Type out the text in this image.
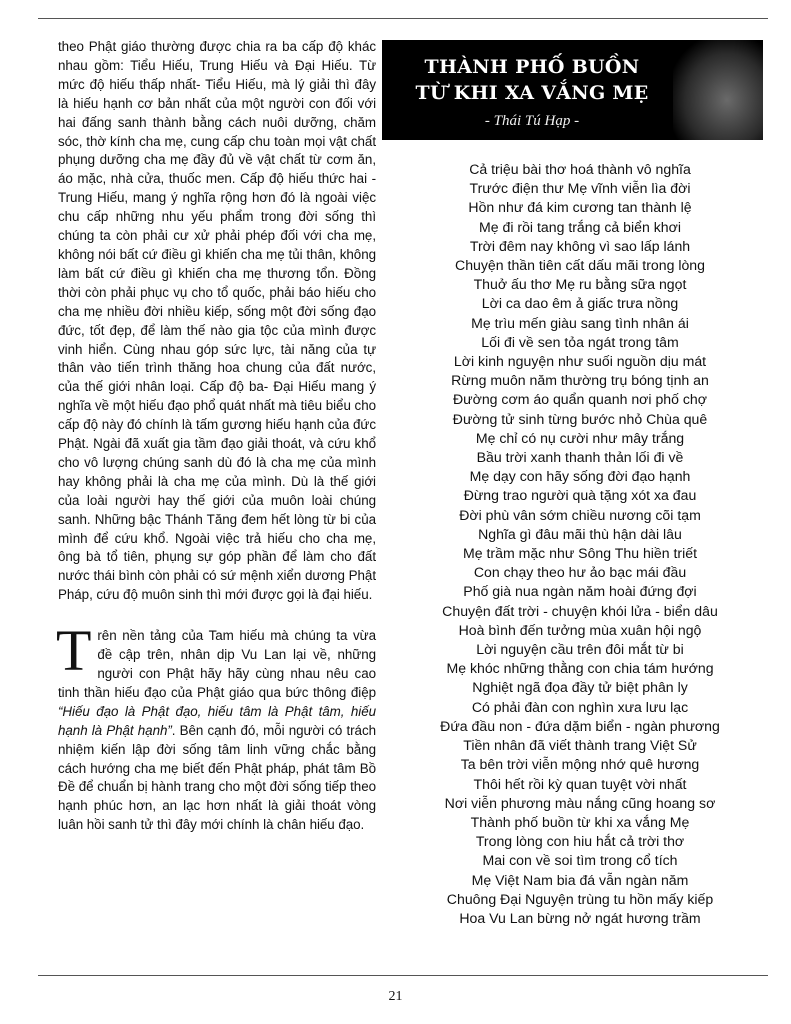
theo Phật giáo thường được chia ra ba cấp độ khác nhau gồm: Tiểu Hiếu, Trung Hiếu và Đại Hiếu. Từ mức độ hiếu thấp nhất- Tiểu Hiếu, mà lý giải thì đây là hiếu hạnh cơ bản nhất của một người con đối với hai đấng sanh thành bằng cách nuôi dưỡng, chăm sóc, thờ kính cha mẹ, cung cấp chu toàn mọi vật chất phụng dưỡng cha mẹ đầy đủ về vật chất từ cơm ăn, áo mặc, nhà cửa, thuốc men. Cấp độ hiếu thức hai -Trung Hiếu, mang ý nghĩa rộng hơn đó là ngoài việc chu cấp những nhu yếu phẩm trong đời sống thì chúng ta còn phải cư xử phải phép đối với cha mẹ, không nói bất cứ điều gì khiến cha mẹ tủi thân, không làm bất cứ điều gì khiến cha mẹ thương tổn. Đồng thời còn phải phục vụ cho tổ quốc, phải báo hiếu cho cha mẹ nhiều đời nhiều kiếp, sống một đời sống đạo đức, tốt đẹp, để làm thế nào gia tộc của mình được vinh hiển. Cùng nhau góp sức lực, tài năng của tự thân vào tiến trình thăng hoa chung của đất nước, của thế giới nhân loại. Cấp độ ba- Đại Hiếu mang ý nghĩa về một hiếu đạo phổ quát nhất mà tiêu biểu cho cấp độ này đó chính là tấm gương hiếu hạnh của đức Phật. Ngài đã xuất gia tầm đạo giải thoát, và cứu khổ cho vô lượng chúng sanh dù đó là cha mẹ của mình hay không phải là cha mẹ của mình. Dù là thế giới của loài người hay thế giới của muôn loài chúng sanh. Những bậc Thánh Tăng đem hết lòng từ bi của mình để cứu khổ. Ngoài việc trả hiếu cho cha mẹ, ông bà tổ tiên, phụng sự góp phần để làm cho đất nước thái bình còn phải có sứ mệnh xiển dương Phật Pháp, cứu độ muôn sinh thì mới được gọi là đại hiếu.

Trên nền tảng của Tam hiếu mà chúng ta vừa đề cập trên, nhân dịp Vu Lan lại về, những người con Phật hãy hãy cùng nhau nêu cao tinh thần hiếu đạo của Phật giáo qua bức thông điệp “Hiếu đạo là Phật đạo, hiếu tâm là Phật tâm, hiếu hạnh là Phật hạnh”. Bên cạnh đó, mỗi người có trách nhiệm kiến lập đời sống tâm linh vững chắc bằng cách hướng cha mẹ biết đến Phật pháp, phát tâm Bồ Đề để chuẩn bị hành trang cho một đời sống tiếp theo hạnh phúc hơn, an lạc hơn nhất là giải thoát vòng luân hồi sanh tử thì đây mới chính là chân hiếu đạo.

THÀNH PHỐ BUỒN
TỪ KHI XA VẮNG MẸ
- Thái Tú Hạp -
Cả triệu bài thơ hoá thành vô nghĩa
Trước điện thư Mẹ vĩnh viễn lìa đời
Hồn như đá kim cương tan thành lệ
Mẹ đi rồi tang trắng cả biển khơi
Trời đêm nay không vì sao lấp lánh
Chuyện thần tiên cất dấu mãi trong lòng
Thuở ấu thơ Mẹ ru bằng sữa ngọt
Lời ca dao êm ả giấc trưa nồng
Mẹ trìu mến giàu sang tình nhân ái
Lối đi về sen tỏa ngát trong tâm
Lời kinh nguyện như suối nguồn dịu mát
Rừng muôn năm thường trụ bóng tịnh an
Đường cơm áo quẩn quanh nơi phố chợ
Đường tử sinh từng bước nhỏ Chùa quê
Mẹ chỉ có nụ cười như mây trắng
Bầu trời xanh thanh thản lối đi về
Mẹ dạy con hãy sống đời đạo hạnh
Đừng trao người quà tặng xót xa đau
Đời phù vân sớm chiều nương cõi tạm
Nghĩa gì đâu mãi thù hận dài lâu
Mẹ trầm mặc như Sông Thu hiền triết
Con chạy theo hư ảo bạc mái đầu
Phố già nua ngàn năm hoài đứng đợi
Chuyện đất trời - chuyện khói lửa - biển dâu
Hoà bình đến tưởng mùa xuân hội ngộ
Lời nguyện cầu trên đôi mắt từ bi
Mẹ khóc những thằng con chia tám hướng
Nghiệt ngã đọa đầy tử biệt phân ly
Có phải đàn con nghìn xưa lưu lạc
Đứa đầu non - đứa dặm biển - ngàn phương
Tiền nhân đã viết thành trang Việt Sử
Ta bên trời viễn mộng nhớ quê hương
Thôi hết rồi kỳ quan tuyệt vời nhất
Nơi viễn phương màu nắng cũng hoang sơ
Thành phố buồn từ khi xa vắng Mẹ
Trong lòng con hiu hắt cả trời thơ
Mai con về soi tìm trong cổ tích
Mẹ Việt Nam bia đá vẫn ngàn năm
Chuông Đại Nguyện trùng tu hồn mấy kiếp
Hoa Vu Lan bừng nở ngát hương trầm
21
